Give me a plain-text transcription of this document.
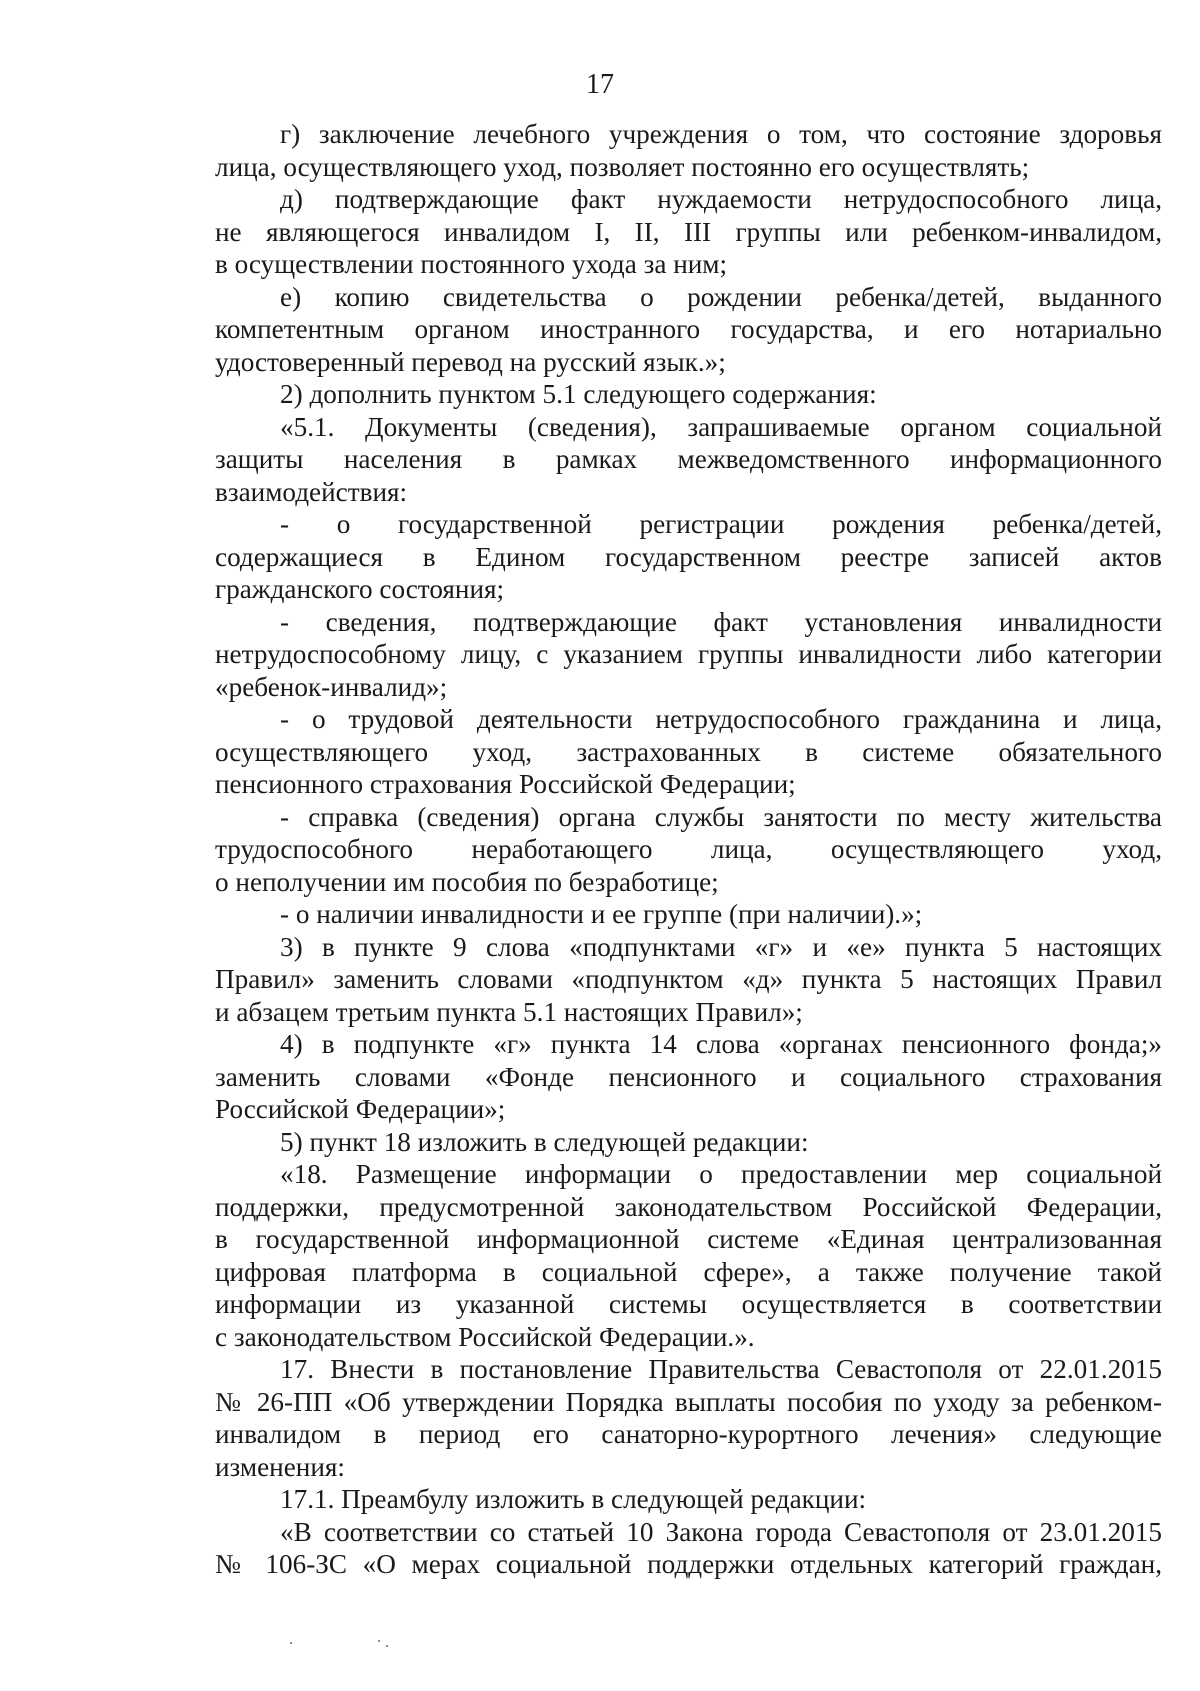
17
г) заключение лечебного учреждения о том, что состояние здоровья
лица, осуществляющего уход, позволяет постоянно его осуществлять;
д) подтверждающие факт нуждаемости нетрудоспособного лица,
не являющегося инвалидом I, II, III группы или ребенком-инвалидом,
в осуществлении постоянного ухода за ним;
е) копию свидетельства о рождении ребенка/детей, выданного
компетентным органом иностранного государства, и его нотариально
удостоверенный перевод на русский язык.»;
2) дополнить пунктом 5.1 следующего содержания:
«5.1. Документы (сведения), запрашиваемые органом социальной
защиты населения в рамках межведомственного информационного
взаимодействия:
- о государственной регистрации рождения ребенка/детей,
содержащиеся в Едином государственном реестре записей актов
гражданского состояния;
- сведения, подтверждающие факт установления инвалидности
нетрудоспособному лицу, с указанием группы инвалидности либо категории
«ребенок-инвалид»;
- о трудовой деятельности нетрудоспособного гражданина и лица,
осуществляющего уход, застрахованных в системе обязательного
пенсионного страхования Российской Федерации;
- справка (сведения) органа службы занятости по месту жительства
трудоспособного неработающего лица, осуществляющего уход,
о неполучении им пособия по безработице;
- о наличии инвалидности и ее группе (при наличии).»;
3) в пункте 9 слова «подпунктами «г» и «е» пункта 5 настоящих
Правил» заменить словами «подпунктом «д» пункта 5 настоящих Правил
и абзацем третьим пункта 5.1 настоящих Правил»;
4) в подпункте «г» пункта 14 слова «органах пенсионного фонда;»
заменить словами «Фонде пенсионного и социального страхования
Российской Федерации»;
5) пункт 18 изложить в следующей редакции:
«18. Размещение информации о предоставлении мер социальной
поддержки, предусмотренной законодательством Российской Федерации,
в государственной информационной системе «Единая централизованная
цифровая платформа в социальной сфере», а также получение такой
информации из указанной системы осуществляется в соответствии
с законодательством Российской Федерации.».
17. Внести в постановление Правительства Севастополя от 22.01.2015
№ 26-ПП «Об утверждении Порядка выплаты пособия по уходу за ребенком-
инвалидом в период его санаторно-курортного лечения» следующие
изменения:
17.1. Преамбулу изложить в следующей редакции:
«В соответствии со статьей 10 Закона города Севастополя от 23.01.2015
№ 106-ЗС «О мерах социальной поддержки отдельных категорий граждан,
